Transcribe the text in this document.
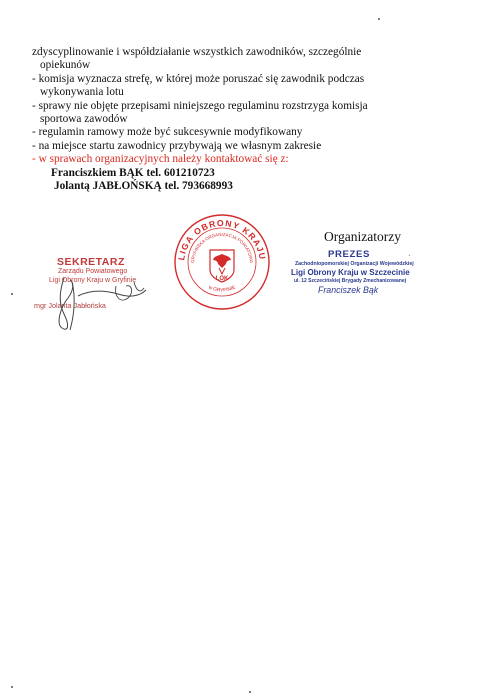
zdyscyplinowanie i współdziałanie wszystkich zawodników, szczególnie
opiekunów
- komisja wyznacza strefę, w której może poruszać się zawodnik podczas
wykonywania lotu
- sprawy nie objęte przepisami niniejszego regulaminu rozstrzyga komisja
sportowa zawodów
- regulamin ramowy może być sukcesywnie modyfikowany
- na miejsce startu zawodnicy przybywają we własnym zakresie
- w sprawach organizacyjnych należy kontaktować się z:
Franciszkiem BĄK tel. 601210723
Jolantą JABŁOŃSKĄ tel. 793668993
Organizatorzy
SEKRETARZ
Zarządu Powiatowego
Ligi Obrony Kraju w Gryfinie
mgr Jolanta Jabłońska
LIGA OBRONY KRAJU
GRYFIŃSKA ORGANIZACJA POWIATOWA
w GRYFINIE
LOK
PREZES
Zachodniopomorskiej Organizacji Wojewódzkiej
Ligi Obrony Kraju w Szczecinie
ul. 12 Szczecińskiej Brygady Zmechanizowanej
Franciszek Bąk
ˎ
